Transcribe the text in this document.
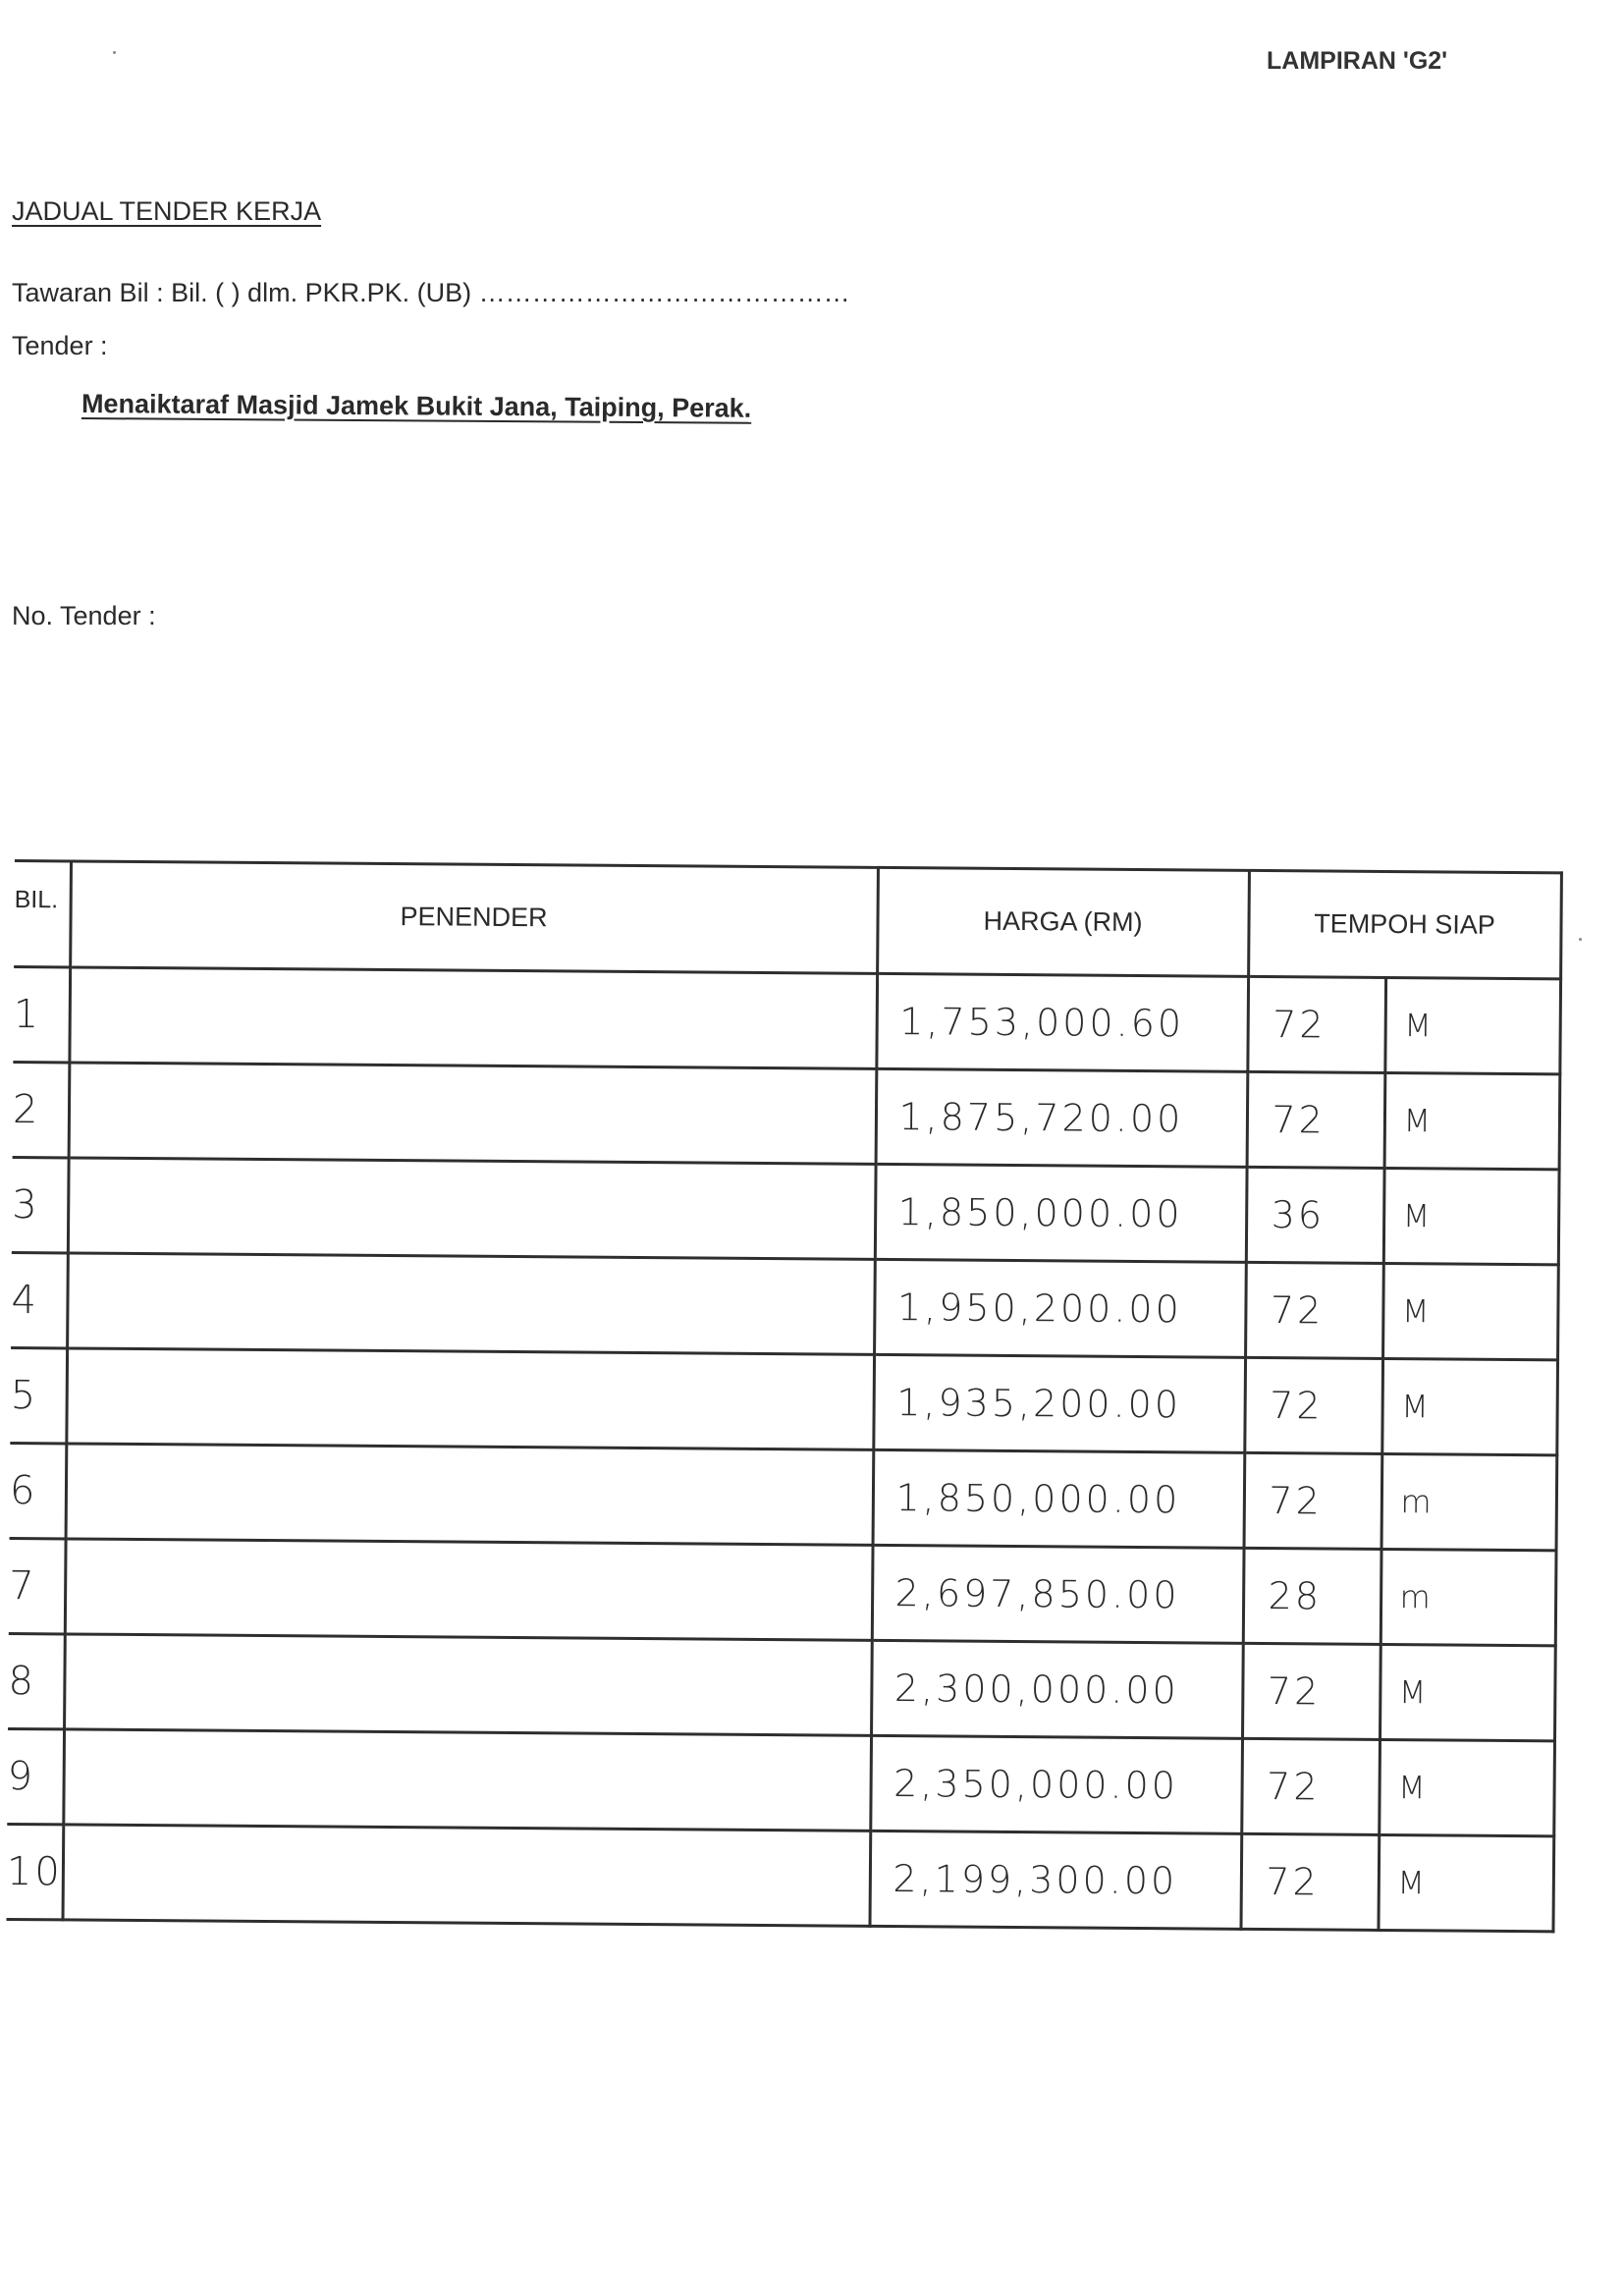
LAMPIRAN 'G2'
JADUAL TENDER KERJA
Tawaran Bil : Bil. ( ) dlm. PKR.PK. (UB) ……………………………………
Tender :
Menaiktaraf Masjid Jamek Bukit Jana, Taiping, Perak.
No. Tender :
BIL.	PENENDER	HARGA (RM)	TEMPOH SIAP	
1		1,753,000.60	72	M
2		1,875,720.00	72	M
3		1,850,000.00	36	M
4		1,950,200.00	72	M
5		1,935,200.00	72	M
6		1,850,000.00	72	m
7		2,697,850.00	28	m
8		2,300,000.00	72	M
9		2,350,000.00	72	M
10		2,199,300.00	72	M
